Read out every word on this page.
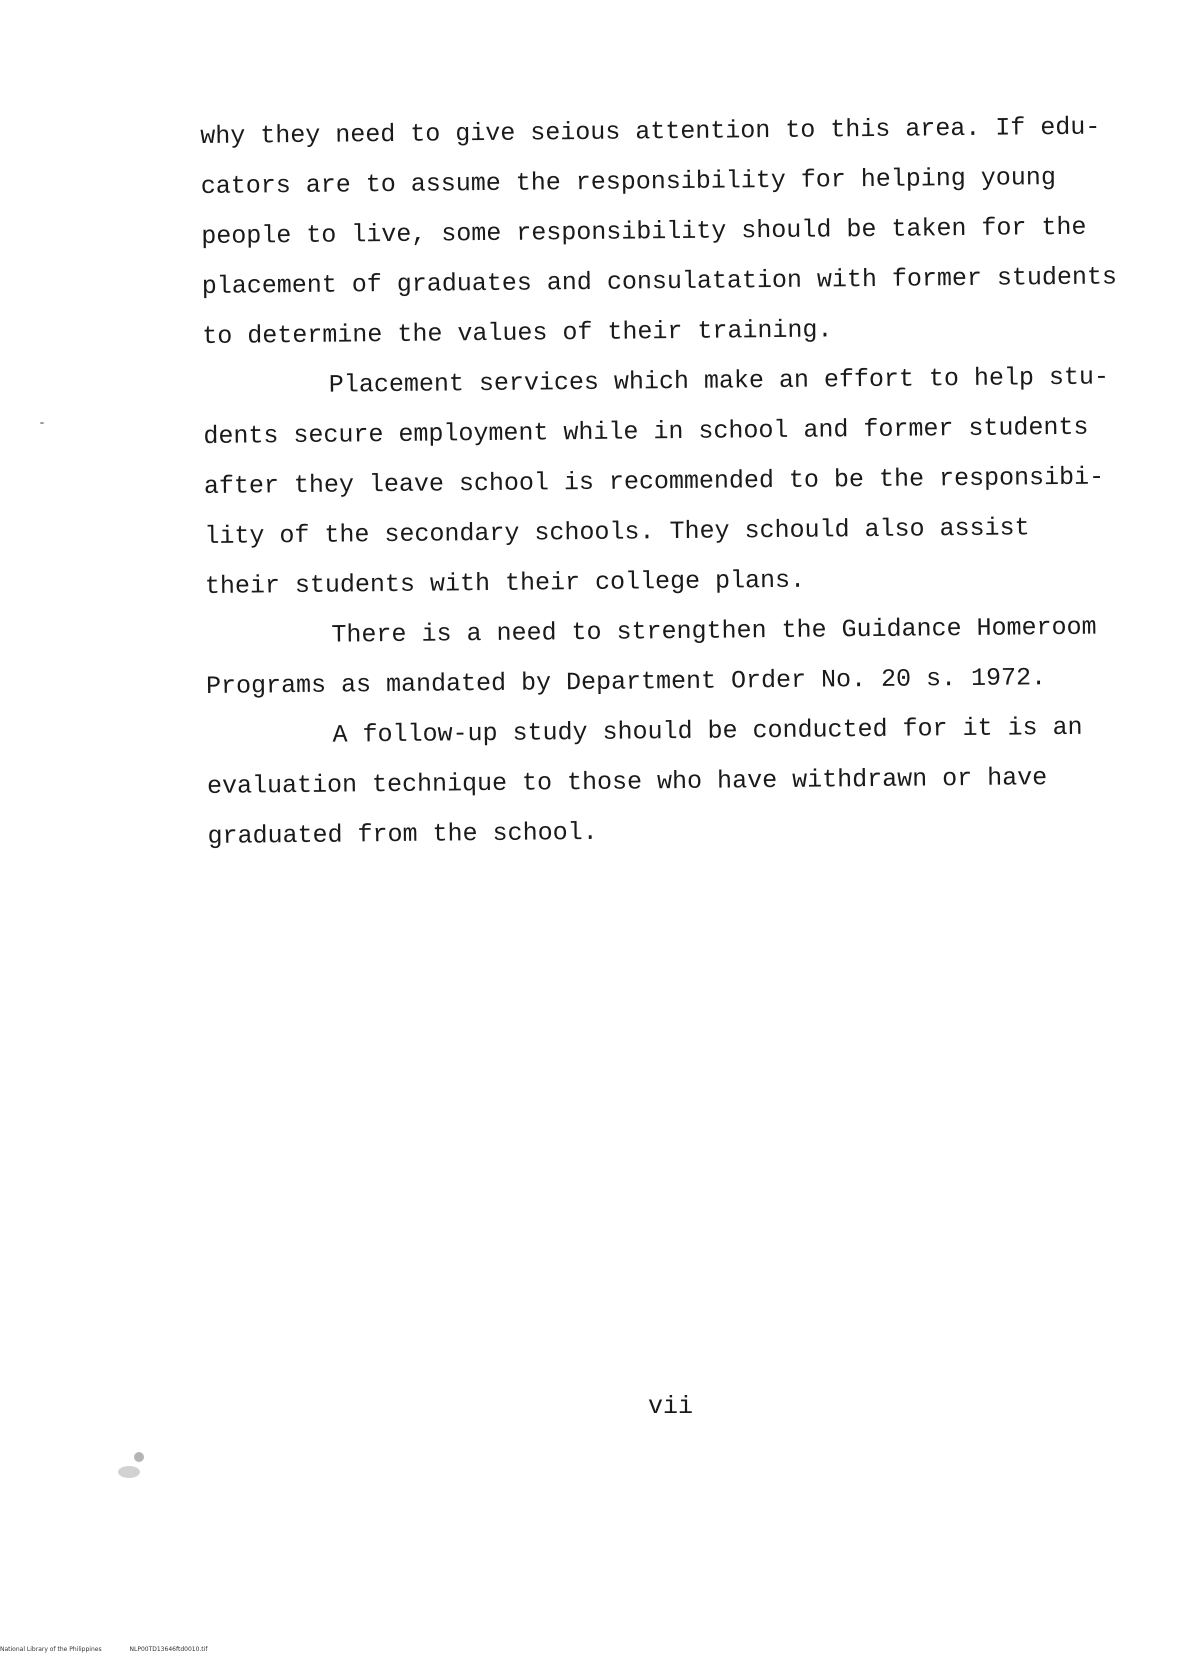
why they need to give seious attention to this area. If edu-
cators are to assume the responsibility for helping young
people to live, some responsibility should be taken for the
placement of graduates and consulatation with former students
to determine the values of their training.
Placement services which make an effort to help stu-
dents secure employment while in school and former students
after they leave school is recommended to be the responsibi-
lity of the secondary schools. They schould also assist
their students with their college plans.
There is a need to strengthen the Guidance Homeroom
Programs as mandated by Department Order No. 20 s. 1972.
A follow-up study should be conducted for it is an
evaluation technique to those who have withdrawn or have
graduated from the school.
vii
National Library of the Philippines	NLP00TD13646ftd0010.tif
